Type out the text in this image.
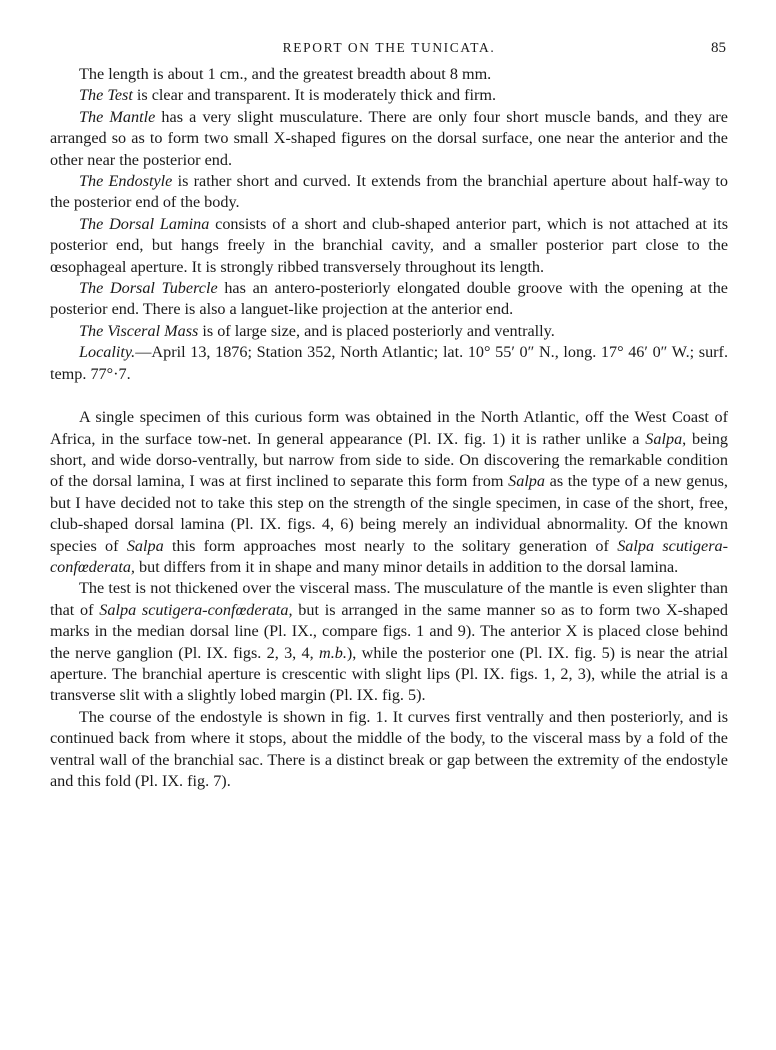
REPORT ON THE TUNICATA.	85

The length is about 1 cm., and the greatest breadth about 8 mm.

The Test is clear and transparent. It is moderately thick and firm.

The Mantle has a very slight musculature. There are only four short muscle bands, and they are arranged so as to form two small X-shaped figures on the dorsal surface, one near the anterior and the other near the posterior end.

The Endostyle is rather short and curved. It extends from the branchial aperture about half-way to the posterior end of the body.

The Dorsal Lamina consists of a short and club-shaped anterior part, which is not attached at its posterior end, but hangs freely in the branchial cavity, and a smaller posterior part close to the œsophageal aperture. It is strongly ribbed transversely throughout its length.

The Dorsal Tubercle has an antero-posteriorly elongated double groove with the opening at the posterior end. There is also a languet-like projection at the anterior end.

The Visceral Mass is of large size, and is placed posteriorly and ventrally.

Locality.—April 13, 1876; Station 352, North Atlantic; lat. 10° 55′ 0″ N., long. 17° 46′ 0″ W.; surf. temp. 77°·7.

A single specimen of this curious form was obtained in the North Atlantic, off the West Coast of Africa, in the surface tow-net. In general appearance (Pl. IX. fig. 1) it is rather unlike a Salpa, being short, and wide dorso-ventrally, but narrow from side to side. On discovering the remarkable condition of the dorsal lamina, I was at first inclined to separate this form from Salpa as the type of a new genus, but I have decided not to take this step on the strength of the single specimen, in case of the short, free, club-shaped dorsal lamina (Pl. IX. figs. 4, 6) being merely an individual abnormality. Of the known species of Salpa this form approaches most nearly to the solitary generation of Salpa scutigera-confœderata, but differs from it in shape and many minor details in addition to the dorsal lamina.

The test is not thickened over the visceral mass. The musculature of the mantle is even slighter than that of Salpa scutigera-confœderata, but is arranged in the same manner so as to form two X-shaped marks in the median dorsal line (Pl. IX., compare figs. 1 and 9). The anterior X is placed close behind the nerve ganglion (Pl. IX. figs. 2, 3, 4, m.b.), while the posterior one (Pl. IX. fig. 5) is near the atrial aperture. The branchial aperture is crescentic with slight lips (Pl. IX. figs. 1, 2, 3), while the atrial is a transverse slit with a slightly lobed margin (Pl. IX. fig. 5).

The course of the endostyle is shown in fig. 1. It curves first ventrally and then posteriorly, and is continued back from where it stops, about the middle of the body, to the visceral mass by a fold of the ventral wall of the branchial sac. There is a distinct break or gap between the extremity of the endostyle and this fold (Pl. IX. fig. 7).
